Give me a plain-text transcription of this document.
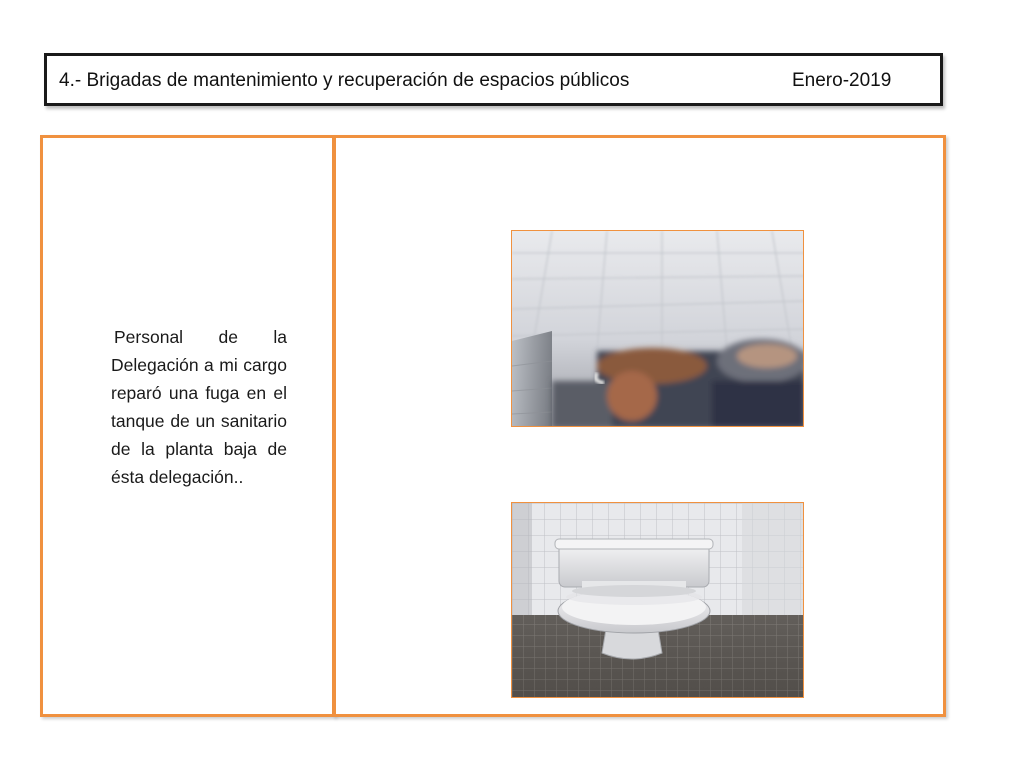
4.- Brigadas de mantenimiento y recuperación de espacios públicos	Enero-2019
Personal de la Delegación a mi cargo reparó una fuga en el tanque de un sanitario de la planta baja de ésta delegación..
